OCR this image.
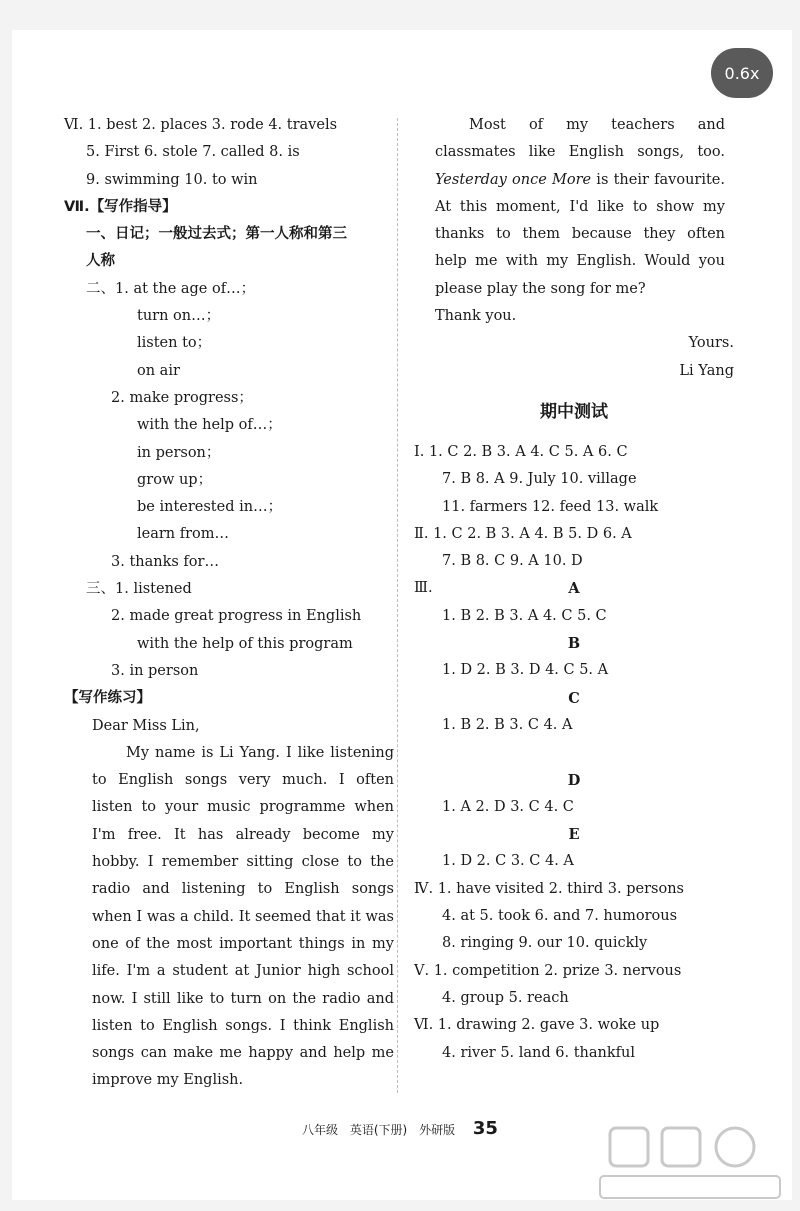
0.6x
Ⅵ. 1. best 2. places 3. rode 4. travels
5. First 6. stole 7. called 8. is
9. swimming 10. to win
Ⅶ.【写作指导】
一、日记；一般过去式；第一人称和第三
人称
二、1. at the age of…；
turn on…；
listen to；
on air
2. make progress；
with the help of…；
in person；
grow up；
be interested in…；
learn from…
3. thanks for…
三、1. listened
2. made great progress in English
with the help of this program
3. in person
【写作练习】
Dear Miss Lin,
My name is Li Yang. I like listening to English songs very much. I often listen to your music programme when I'm free. It has already become my hobby. I remember sitting close to the radio and listening to English songs when I was a child. It seemed that it was one of the most important things in my life. I'm a student at Junior high school now. I still like to turn on the radio and listen to English songs. I think English songs can make me happy and help me improve my English.
Most of my teachers and classmates like English songs, too. Yesterday once More is their favourite. At this moment, I'd like to show my thanks to them because they often help me with my English. Would you please play the song for me?
Thank you.
Yours.
Li Yang
期中测试
Ⅰ. 1. C 2. B 3. A 4. C 5. A 6. C
7. B 8. A 9. July 10. village
11. farmers 12. feed 13. walk
Ⅱ. 1. C 2. B 3. A 4. B 5. D 6. A
7. B 8. C 9. A 10. D
Ⅲ.	A
1. B 2. B 3. A 4. C 5. C
B
1. D 2. B 3. D 4. C 5. A
C
1. B 2. B 3. C 4. A
D
1. A 2. D 3. C 4. C
E
1. D 2. C 3. C 4. A
Ⅳ. 1. have visited 2. third 3. persons
4. at 5. took 6. and 7. humorous
8. ringing 9. our 10. quickly
Ⅴ. 1. competition 2. prize 3. nervous
4. group 5. reach
Ⅵ. 1. drawing 2. gave 3. woke up
4. river 5. land 6. thankful
八年级 英语(下册) 外研版 35
